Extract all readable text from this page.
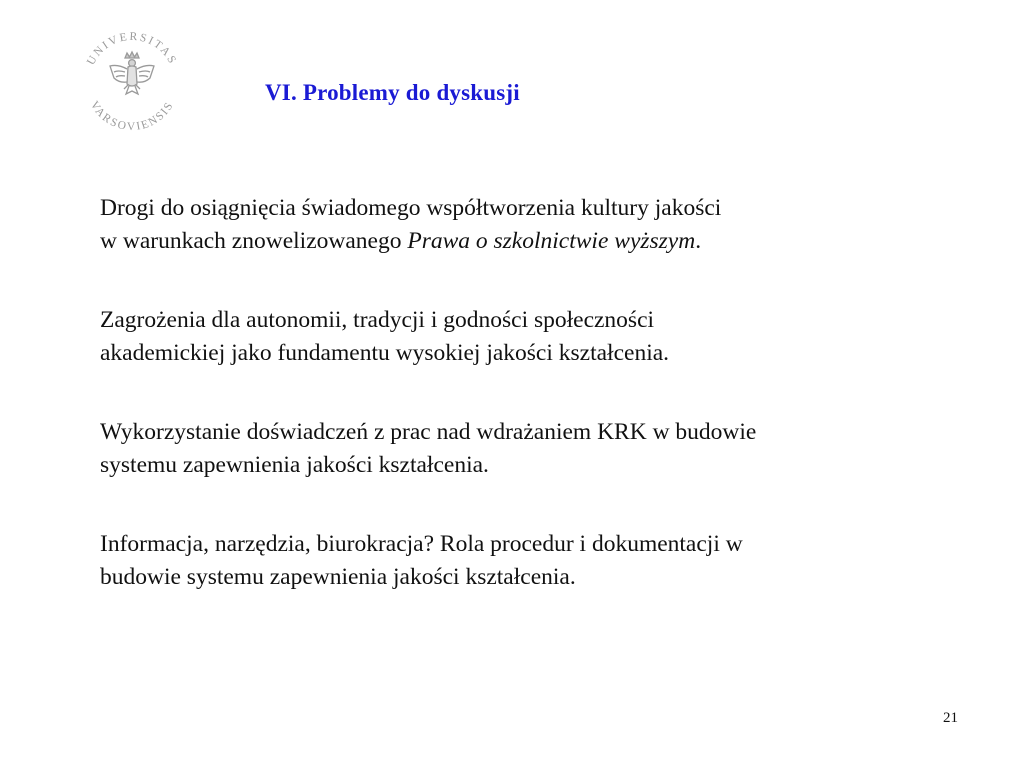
UNIVERSITAS
VARSOVIENSIS
VI. Problemy do dyskusji

Drogi do osiągnięcia świadomego współtworzenia kultury jakości
w warunkach znowelizowanego Prawa o szkolnictwie wyższym.

Zagrożenia dla autonomii, tradycji i godności społeczności
akademickiej jako fundamentu wysokiej jakości kształcenia.

Wykorzystanie doświadczeń z prac nad wdrażaniem KRK w budowie
systemu zapewnienia jakości kształcenia.

Informacja, narzędzia, biurokracja? Rola procedur i dokumentacji w
budowie systemu zapewnienia jakości kształcenia.

21
